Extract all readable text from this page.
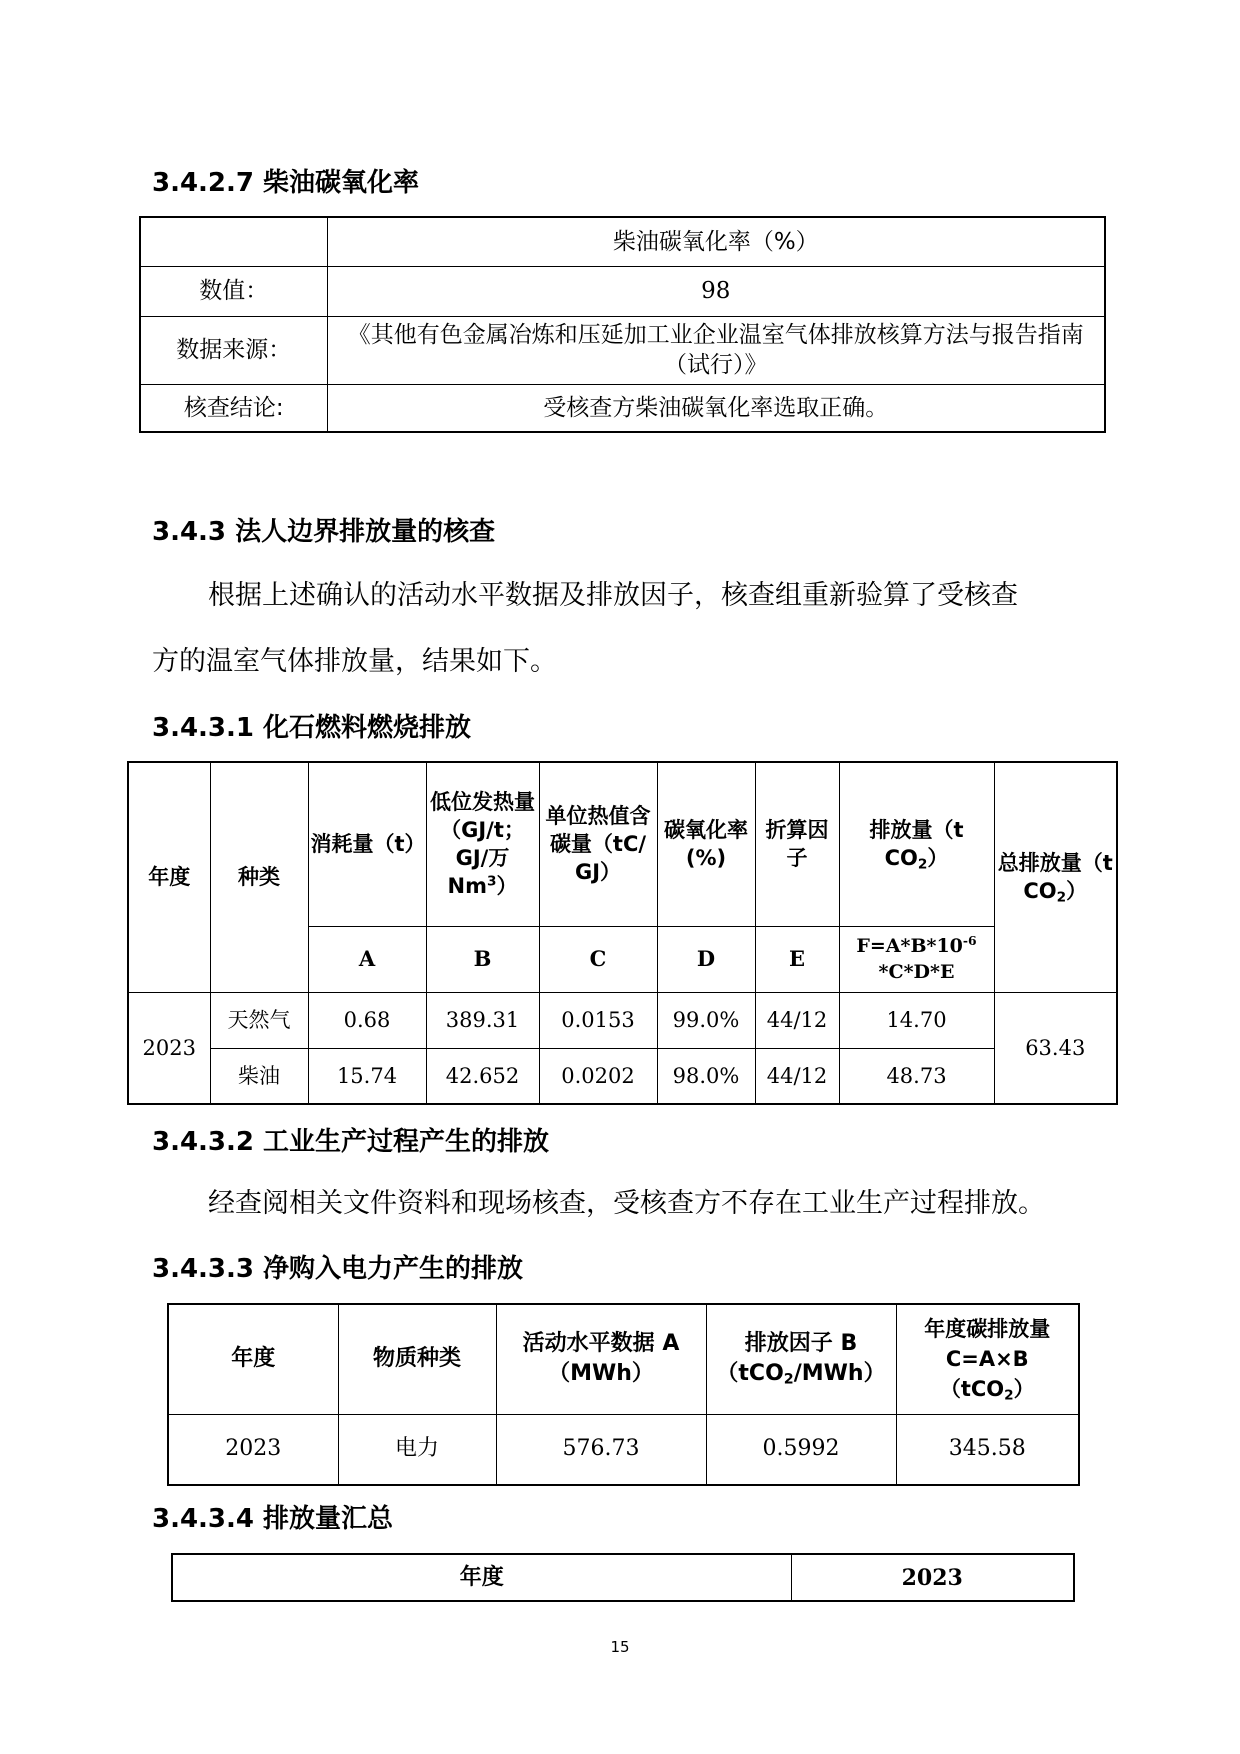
3.4.2.7 柴油碳氧化率
	柴油碳氧化率（%）
数值：	98
数据来源：	《其他有色金属冶炼和压延加工业企业温室气体排放核算方法与报告指南（试行）》
核查结论:	受核查方柴油碳氧化率选取正确。
3.4.3 法人边界排放量的核查
根据上述确认的活动水平数据及排放因子，核查组重新验算了受核查
方的温室气体排放量，结果如下。
3.4.3.1 化石燃料燃烧排放
年度	种类	消耗量（t）	低位发热量（GJ/t；GJ/万Nm$^3$）	单位热值含碳量（tC/GJ）	碳氧化率(%)	折算因子	排放量（t $CO_2$）	总排放量（t $CO_2$）
		A	B	C	D	E	$F=A*B*10^{-6}$
*C*D*E	
2023	天然气	0.68	389.31	0.0153	99.0%	44/12	14.70	63.43
	柴油	15.74	42.652	0.0202	98.0%	44/12	48.73	
3.4.3.2 工业生产过程产生的排放
经查阅相关文件资料和现场核查，受核查方不存在工业生产过程排放。
3.4.3.3 净购入电力产生的排放
年度	物质种类	活动水平数据 A
（MWh）	排放因子 B
（tCO$_2$/MWh）	年度碳排放量
C=A×B（tCO$_2$）
2023	电力	576.73	0.5992	345.58
3.4.3.4 排放量汇总
年度	2023
15
